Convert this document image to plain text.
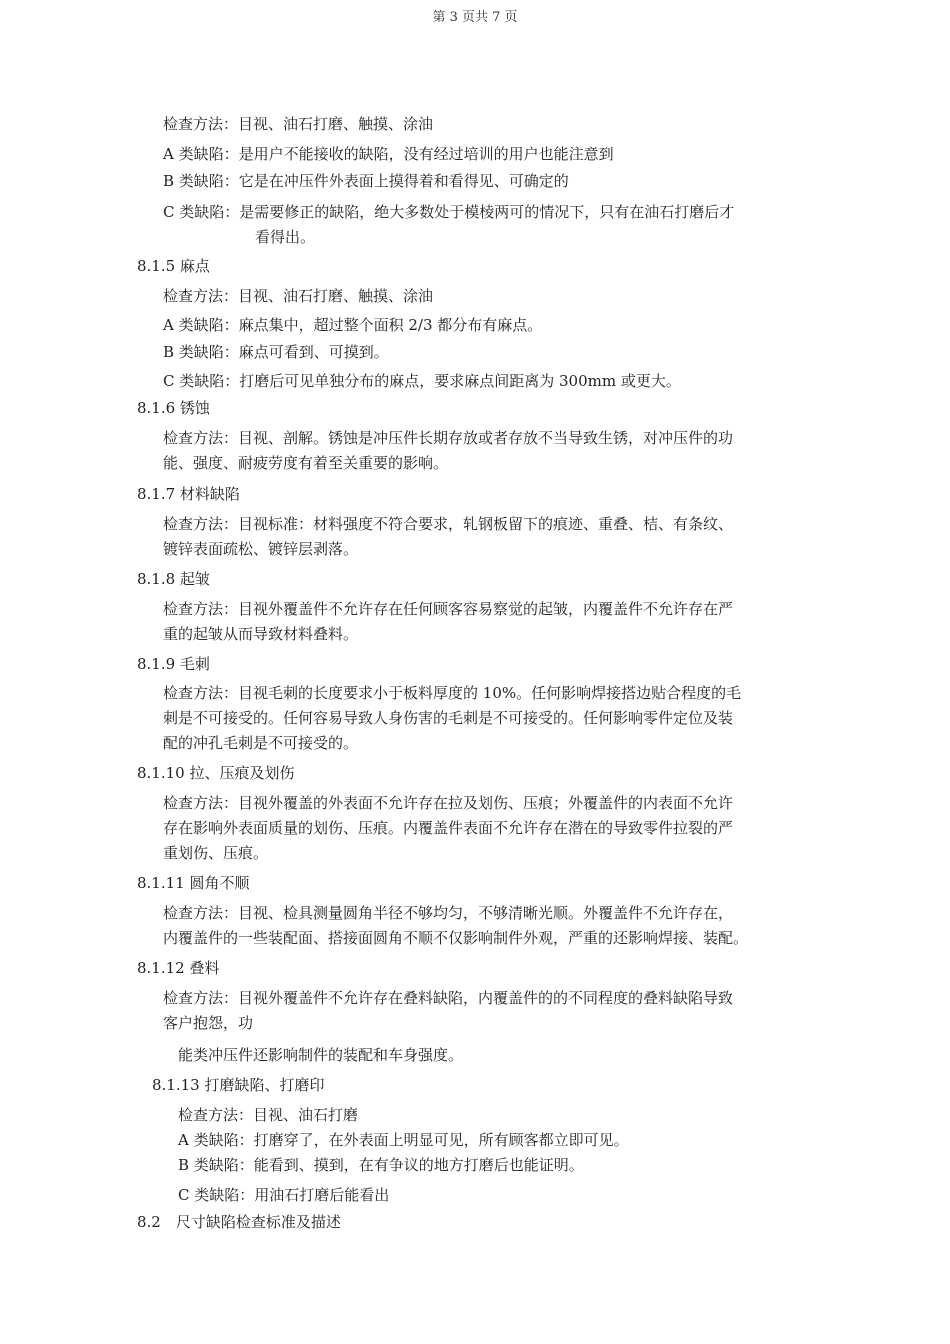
第 3 页共 7 页
检查方法：目视、油石打磨、触摸、涂油
A 类缺陷：是用户不能接收的缺陷，没有经过培训的用户也能注意到
B 类缺陷：它是在冲压件外表面上摸得着和看得见、可确定的
C 类缺陷：是需要修正的缺陷，绝大多数处于模棱两可的情况下，只有在油石打磨后才
看得出。
8.1.5 麻点
检查方法：目视、油石打磨、触摸、涂油
A 类缺陷：麻点集中，超过整个面积 2/3 都分布有麻点。
B 类缺陷：麻点可看到、可摸到。
C 类缺陷：打磨后可见单独分布的麻点，要求麻点间距离为 300mm 或更大。
8.1.6 锈蚀
检查方法：目视、剖解。锈蚀是冲压件长期存放或者存放不当导致生锈，对冲压件的功
能、强度、耐疲劳度有着至关重要的影响。
8.1.7 材料缺陷
检查方法：目视标准：材料强度不符合要求，轧钢板留下的痕迹、重叠、桔、有条纹、
镀锌表面疏松、镀锌层剥落。
8.1.8 起皱
检查方法：目视外覆盖件不允许存在任何顾客容易察觉的起皱，内覆盖件不允许存在严
重的起皱从而导致材料叠料。
8.1.9 毛刺
检查方法：目视毛刺的长度要求小于板料厚度的 10%。任何影响焊接搭边贴合程度的毛
刺是不可接受的。任何容易导致人身伤害的毛刺是不可接受的。任何影响零件定位及装
配的冲孔毛刺是不可接受的。
8.1.10 拉、压痕及划伤
检查方法：目视外覆盖的外表面不允许存在拉及划伤、压痕；外覆盖件的内表面不允许
存在影响外表面质量的划伤、压痕。内覆盖件表面不允许存在潜在的导致零件拉裂的严
重划伤、压痕。
8.1.11 圆角不顺
检查方法：目视、检具测量圆角半径不够均匀，不够清晰光顺。外覆盖件不允许存在，
内覆盖件的一些装配面、搭接面圆角不顺不仅影响制件外观，严重的还影响焊接、装配。
8.1.12 叠料
检查方法：目视外覆盖件不允许存在叠料缺陷，内覆盖件的的不同程度的叠料缺陷导致
客户抱怨，功
能类冲压件还影响制件的装配和车身强度。
8.1.13 打磨缺陷、打磨印
检查方法：目视、油石打磨
A 类缺陷：打磨穿了，在外表面上明显可见，所有顾客都立即可见。
B 类缺陷：能看到、摸到，在有争议的地方打磨后也能证明。
C 类缺陷：用油石打磨后能看出
8.2　尺寸缺陷检查标准及描述
